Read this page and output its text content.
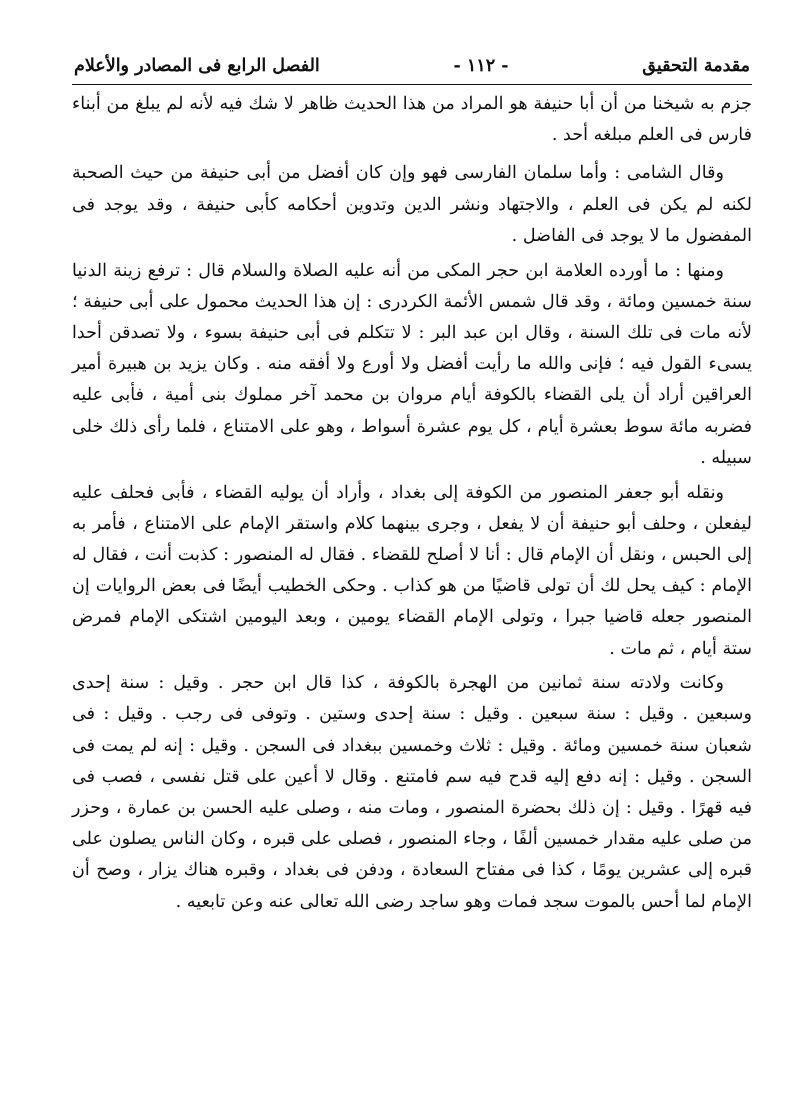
مقدمة التحقيق
- ١١٢ -
الفصل الرابع فى المصادر والأعلام

جزم به شيخنا من أن أبا حنيفة هو المراد من هذا الحديث ظاهر لا شك فيه لأنه لم يبلغ من أبناء فارس فى العلم مبلغه أحد .

وقال الشامى : وأما سلمان الفارسى فهو وإن كان أفضل من أبى حنيفة من حيث الصحبة لكنه لم يكن فى العلم ، والاجتهاد ونشر الدين وتدوين أحكامه كأبى حنيفة ، وقد يوجد فى المفضول ما لا يوجد فى الفاضل .

ومنها : ما أورده العلامة ابن حجر المكى من أنه عليه الصلاة والسلام قال : ترفع زينة الدنيا سنة خمسين ومائة ، وقد قال شمس الأئمة الكردرى : إن هذا الحديث محمول على أبى حنيفة ؛ لأنه مات فى تلك السنة ، وقال ابن عبد البر : لا تتكلم فى أبى حنيفة بسوء ، ولا تصدقن أحدا يسىء القول فيه ؛ فإنى والله ما رأيت أفضل ولا أورع ولا أفقه منه . وكان يزيد بن هبيرة أمير العراقين أراد أن يلى القضاء بالكوفة أيام مروان بن محمد آخر مملوك بنى أمية ، فأبى عليه فضربه مائة سوط بعشرة أيام ، كل يوم عشرة أسواط ، وهو على الامتناع ، فلما رأى ذلك خلى سبيله .

ونقله أبو جعفر المنصور من الكوفة إلى بغداد ، وأراد أن يوليه القضاء ، فأبى فحلف عليه ليفعلن ، وحلف أبو حنيفة أن لا يفعل ، وجرى بينهما كلام واستقر الإمام على الامتناع ، فأمر به إلى الحبس ، ونقل أن الإمام قال : أنا لا أصلح للقضاء . فقال له المنصور : كذبت أنت ، فقال له الإمام : كيف يحل لك أن تولى قاضيًا من هو كذاب . وحكى الخطيب أيضًا فى بعض الروايات إن المنصور جعله قاضيا جبرا ، وتولى الإمام القضاء يومين ، وبعد اليومين اشتكى الإمام فمرض ستة أيام ، ثم مات .

وكانت ولادته سنة ثمانين من الهجرة بالكوفة ، كذا قال ابن حجر . وقيل : سنة إحدى وسبعين . وقيل : سنة سبعين . وقيل : سنة إحدى وستين . وتوفى فى رجب . وقيل : فى شعبان سنة خمسين ومائة . وقيل : ثلاث وخمسين ببغداد فى السجن . وقيل : إنه لم يمت فى السجن . وقيل : إنه دفع إليه قدح فيه سم فامتنع . وقال لا أعين على قتل نفسى ، فصب فى فيه قهرًا . وقيل : إن ذلك بحضرة المنصور ، ومات منه ، وصلى عليه الحسن بن عمارة ، وحزر من صلى عليه مقدار خمسين ألفًا ، وجاء المنصور ، فصلى على قبره ، وكان الناس يصلون على قبره إلى عشرين يومًا ، كذا فى مفتاح السعادة ، ودفن فى بغداد ، وقبره هناك يزار ، وصح أن الإمام لما أحس بالموت سجد فمات وهو ساجد رضى الله تعالى عنه وعن تابعيه .
